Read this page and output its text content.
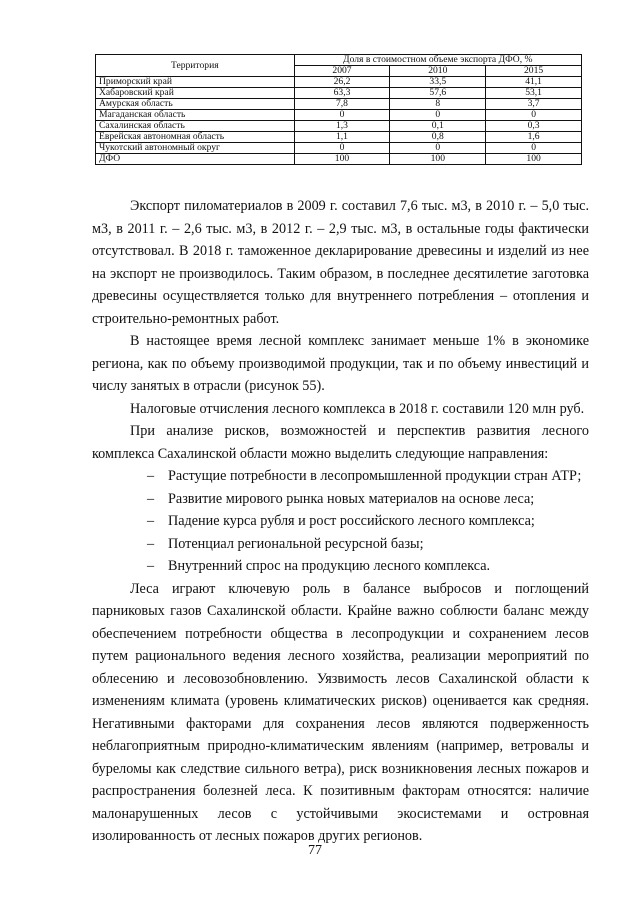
Территория	Доля в стоимостном объеме экспорта ДФО, %		
	2007	2010	2015
Приморский край	26,2	33,5	41,1
Хабаровский край	63,3	57,6	53,1
Амурская область	7,8	8	3,7
Магаданская область	0	0	0
Сахалинская область	1,3	0,1	0,3
Еврейская автономная область	1,1	0,8	1,6
Чукотский автономный округ	0	0	0
ДФО	100	100	100

Экспорт пиломатериалов в 2009 г. составил 7,6 тыс. м3, в 2010 г. – 5,0 тыс. м3, в 2011 г. – 2,6 тыс. м3, в 2012 г. – 2,9 тыс. м3, в остальные годы фактически отсутствовал. В 2018 г. таможенное декларирование древесины и изделий из нее на экспорт не производилось. Таким образом, в последнее десятилетие заготовка древесины осуществляется только для внутреннего потребления – отопления и строительно-ремонтных работ.

В настоящее время лесной комплекс занимает меньше 1% в экономике региона, как по объему производимой продукции, так и по объему инвестиций и числу занятых в отрасли (рисунок 55).

Налоговые отчисления лесного комплекса в 2018 г. составили 120 млн руб.

При анализе рисков, возможностей и перспектив развития лесного комплекса Сахалинской области можно выделить следующие направления:

– Растущие потребности в лесопромышленной продукции стран АТР;
– Развитие мирового рынка новых материалов на основе леса;
– Падение курса рубля и рост российского лесного комплекса;
– Потенциал региональной ресурсной базы;
– Внутренний спрос на продукцию лесного комплекса.

Леса играют ключевую роль в балансе выбросов и поглощений парниковых газов Сахалинской области. Крайне важно соблюсти баланс между обеспечением потребности общества в лесопродукции и сохранением лесов путем рационального ведения лесного хозяйства, реализации мероприятий по облесению и лесовозобновлению. Уязвимость лесов Сахалинской области к изменениям климата (уровень климатических рисков) оценивается как средняя. Негативными факторами для сохранения лесов являются подверженность неблагоприятным природно-климатическим явлениям (например, ветровалы и буреломы как следствие сильного ветра), риск возникновения лесных пожаров и распространения болезней леса. К позитивным факторам относятся: наличие малонарушенных лесов с устойчивыми экосистемами и островная изолированность от лесных пожаров других регионов.

77
